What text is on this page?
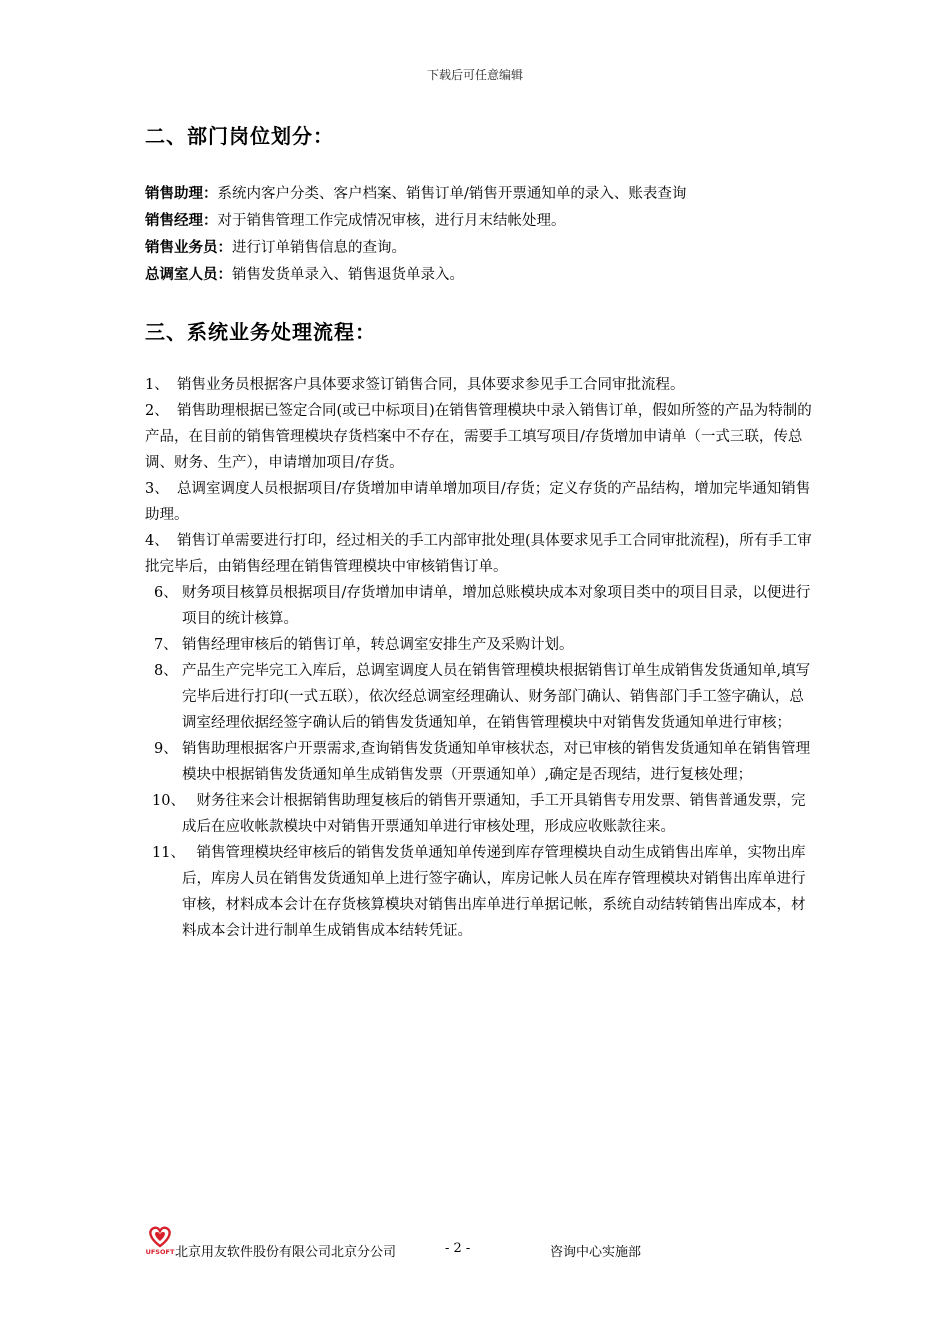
下载后可任意编辑
二、部门岗位划分：
销售助理：系统内客户分类、客户档案、销售订单/销售开票通知单的录入、账表查询
销售经理：对于销售管理工作完成情况审核，进行月末结帐处理。
销售业务员：进行订单销售信息的查询。
总调室人员：销售发货单录入、销售退货单录入。
三、系统业务处理流程：

1、 销售业务员根据客户具体要求签订销售合同，具体要求参见手工合同审批流程。

2、 销售助理根据已签定合同(或已中标项目)在销售管理模块中录入销售订单，假如所签的产品为特制的产品，在目前的销售管理模块存货档案中不存在，需要手工填写项目/存货增加申请单（一式三联，传总调、财务、生产），申请增加项目/存货。

3、 总调室调度人员根据项目/存货增加申请单增加项目/存货；定义存货的产品结构，增加完毕通知销售助理。

4、 销售订单需要进行打印，经过相关的手工内部审批处理(具体要求见手工合同审批流程)，所有手工审批完毕后，由销售经理在销售管理模块中审核销售订单。

6、 财务项目核算员根据项目/存货增加申请单，增加总账模块成本对象项目类中的项目目录，以便进行项目的统计核算。

7、 销售经理审核后的销售订单，转总调室安排生产及采购计划。

8、 产品生产完毕完工入库后，总调室调度人员在销售管理模块根据销售订单生成销售发货通知单,填写完毕后进行打印(一式五联），依次经总调室经理确认、财务部门确认、销售部门手工签字确认，总调室经理依据经签字确认后的销售发货通知单，在销售管理模块中对销售发货通知单进行审核；

9、 销售助理根据客户开票需求,查询销售发货通知单审核状态，对已审核的销售发货通知单在销售管理模块中根据销售发货通知单生成销售发票（开票通知单）,确定是否现结，进行复核处理；

10、
　财务往来会计根据销售助理复核后的销售开票通知，手工开具销售专用发票、销售普通发票，完成后在应收帐款模块中对销售开票通知单进行审核处理，形成应收账款往来。

11、
　销售管理模块经审核后的销售发货单通知单传递到库存管理模块自动生成销售出库单，实物出库后，库房人员在销售发货通知单上进行签字确认，库房记帐人员在库存管理模块对销售出库单进行审核，材料成本会计在存货核算模块对销售出库单进行单据记帐，系统自动结转销售出库成本，材料成本会计进行制单生成销售成本结转凭证。

UFSOFT 北京用友软件股份有限公司北京分公司	- 2 -	咨询中心实施部
